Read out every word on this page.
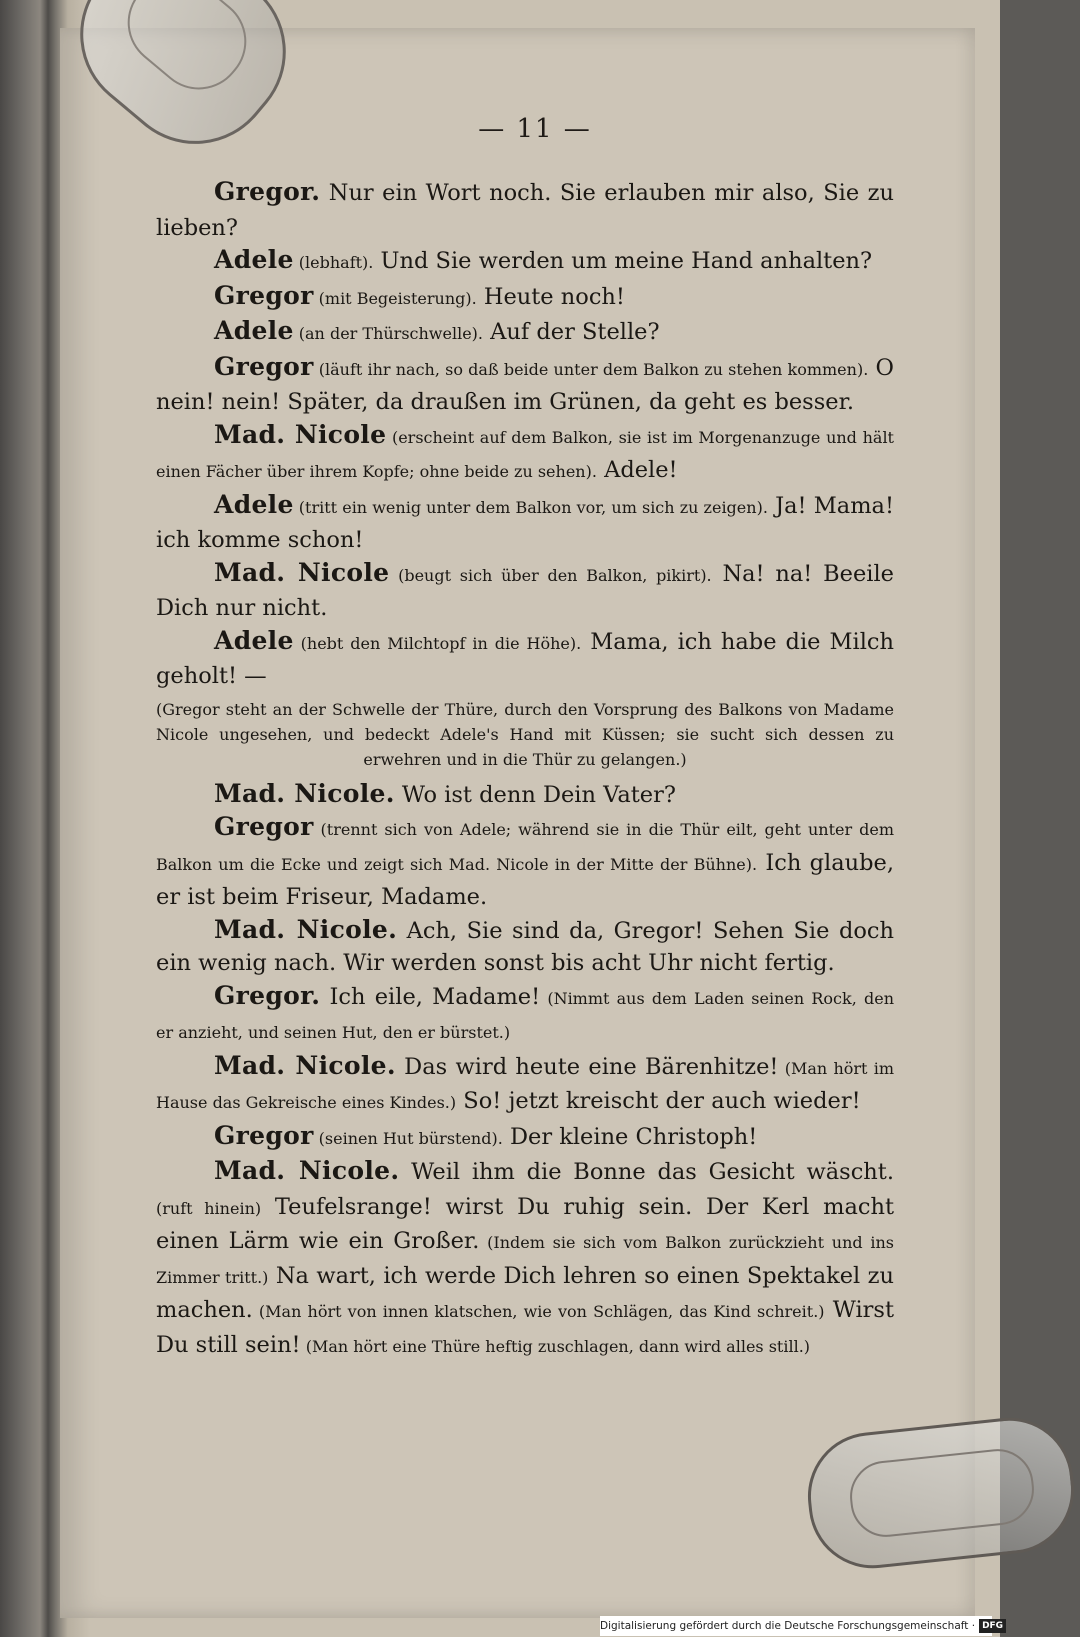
— 11 —

Gregor. Nur ein Wort noch. Sie erlauben mir also, Sie zu lieben?

Adele (lebhaft). Und Sie werden um meine Hand anhalten?

Gregor (mit Begeisterung). Heute noch!

Adele (an der Thürschwelle). Auf der Stelle?

Gregor (läuft ihr nach, so daß beide unter dem Balkon zu stehen kommen). O nein! nein! Später, da draußen im Grünen, da geht es besser.

Mad. Nicole (erscheint auf dem Balkon, sie ist im Morgenanzuge und hält einen Fächer über ihrem Kopfe; ohne beide zu sehen). Adele!

Adele (tritt ein wenig unter dem Balkon vor, um sich zu zeigen). Ja! Mama! ich komme schon!

Mad. Nicole (beugt sich über den Balkon, pikirt). Na! na! Beeile Dich nur nicht.

Adele (hebt den Milchtopf in die Höhe). Mama, ich habe die Milch geholt! —

(Gregor steht an der Schwelle der Thüre, durch den Vorsprung des Balkons von Madame Nicole ungesehen, und bedeckt Adele's Hand mit Küssen; sie sucht sich dessen zu erwehren und in die Thür zu gelangen.)

Mad. Nicole. Wo ist denn Dein Vater?

Gregor (trennt sich von Adele; während sie in die Thür eilt, geht unter dem Balkon um die Ecke und zeigt sich Mad. Nicole in der Mitte der Bühne). Ich glaube, er ist beim Friseur, Madame.

Mad. Nicole. Ach, Sie sind da, Gregor! Sehen Sie doch ein wenig nach. Wir werden sonst bis acht Uhr nicht fertig.

Gregor. Ich eile, Madame! (Nimmt aus dem Laden seinen Rock, den er anzieht, und seinen Hut, den er bürstet.)

Mad. Nicole. Das wird heute eine Bärenhitze! (Man hört im Hause das Gekreische eines Kindes.) So! jetzt kreischt der auch wieder!

Gregor (seinen Hut bürstend). Der kleine Christoph!

Mad. Nicole. Weil ihm die Bonne das Gesicht wäscht. (ruft hinein) Teufelsrange! wirst Du ruhig sein. Der Kerl macht einen Lärm wie ein Großer. (Indem sie sich vom Balkon zurückzieht und ins Zimmer tritt.) Na wart, ich werde Dich lehren so einen Spektakel zu machen. (Man hört von innen klatschen, wie von Schlägen, das Kind schreit.) Wirst Du still sein! (Man hört eine Thüre heftig zuschlagen, dann wird alles still.)

Digitalisierung gefördert durch die Deutsche Forschungsgemeinschaft · DFG
